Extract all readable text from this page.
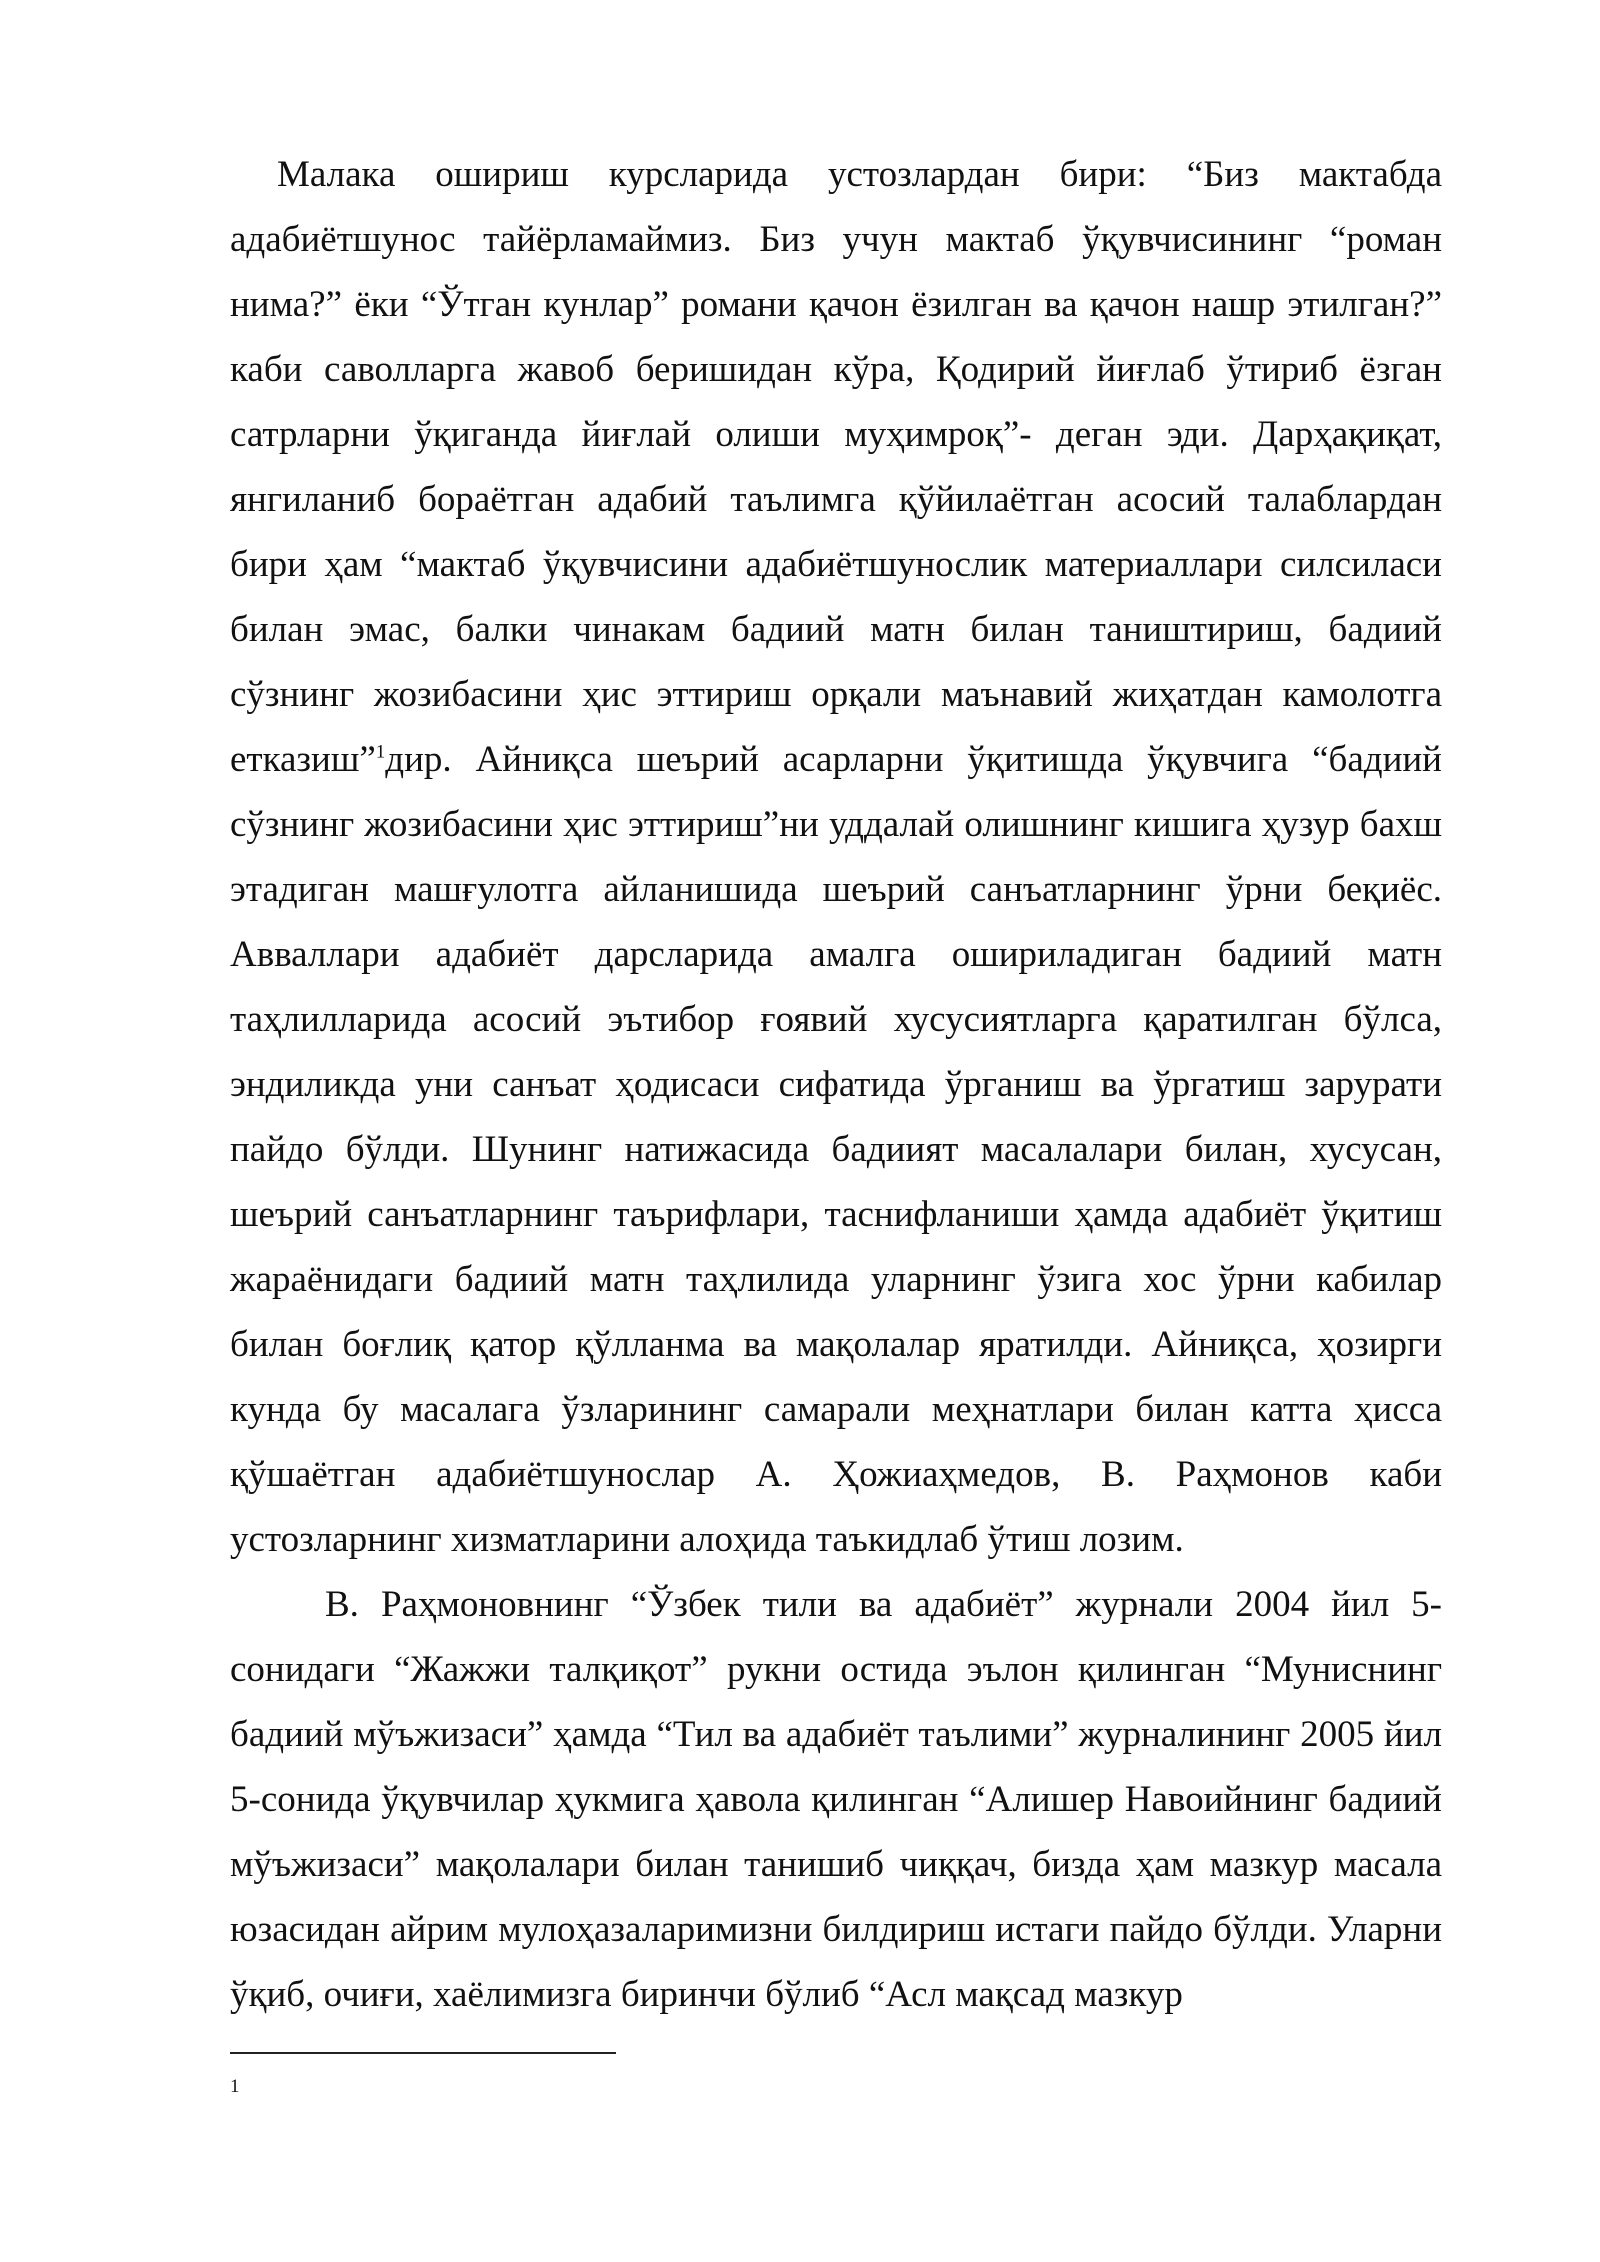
Малака ошириш курсларида устозлардан бири: “Биз мактабда адабиётшунос тайёрламаймиз. Биз учун мактаб ўқувчисининг “роман нима?” ёки “Ўтган кунлар” романи қачон ёзилган ва қачон нашр этилган?” каби саволларга жавоб беришидан кўра, Қодирий йиғлаб ўтириб ёзган сатрларни ўқиганда йиғлай олиши муҳимроқ”- деган эди. Дарҳақиқат, янгиланиб бораётган адабий таълимга қўйилаётган асосий талаблардан бири ҳам “мактаб ўқувчисини адабиётшунослик материаллари силсиласи билан эмас, балки чинакам бадиий матн билан таништириш, бадиий сўзнинг жозибасини ҳис эттириш орқали маънавий жиҳатдан камолотга етказиш”$^1$дир. Айниқса шеърий асарларни ўқитишда ўқувчига “бадиий сўзнинг жозибасини ҳис эттириш”ни уддалай олишнинг кишига ҳузур бахш этадиган машғулотга айланишида шеърий санъатларнинг ўрни беқиёс. Авваллари адабиёт дарсларида амалга ошириладиган бадиий матн таҳлилларида асосий эътибор ғоявий хусусиятларга қаратилган бўлса, эндиликда уни санъат ҳодисаси сифатида ўрганиш ва ўргатиш зарурати пайдо бўлди. Шунинг натижасида бадиият масалалари билан, хусусан, шеърий санъатларнинг таърифлари, таснифланиши ҳамда адабиёт ўқитиш жараёнидаги бадиий матн таҳлилида уларнинг ўзига хос ўрни кабилар билан боғлиқ қатор қўлланма ва мақолалар яратилди. Айниқса, ҳозирги кунда бу масалага ўзларининг самарали меҳнатлари билан катта ҳисса қўшаётган адабиётшунослар А. Ҳожиаҳмедов, В. Раҳмонов каби устозларнинг хизматларини алоҳида таъкидлаб ўтиш лозим.

В. Раҳмоновнинг “Ўзбек тили ва адабиёт” журнали 2004 йил 5-сонидаги “Жажжи талқиқот” рукни остида эълон қилинган “Муниснинг бадиий мўъжизаси” ҳамда “Тил ва адабиёт таълими” журналининг 2005 йил 5-сонида ўқувчилар ҳукмига ҳавола қилинган “Алишер Навоийнинг бадиий мўъжизаси” мақолалари билан танишиб чиққач, бизда ҳам мазкур масала юзасидан айрим мулоҳазаларимизни билдириш истаги пайдо бўлди. Уларни ўқиб, очиғи, хаёлимизга биринчи бўлиб “Асл мақсад мазкур

1
